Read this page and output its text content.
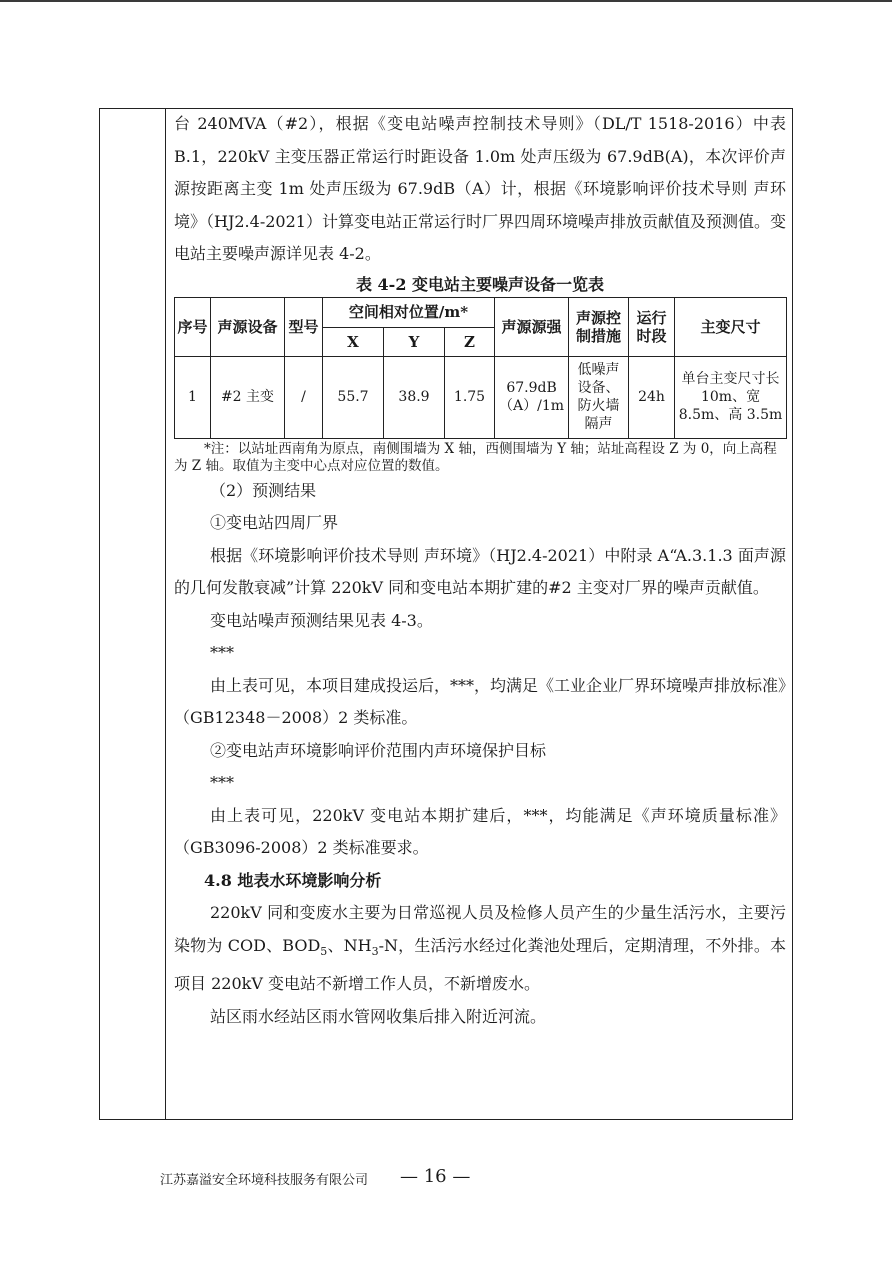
台 240MVA（#2），根据《变电站噪声控制技术导则》（DL/T 1518-2016）中表 B.1，220kV 主变压器正常运行时距设备 1.0m 处声压级为 67.9dB(A)，本次评价声源按距离主变 1m 处声压级为 67.9dB（A）计，根据《环境影响评价技术导则 声环境》（HJ2.4-2021）计算变电站正常运行时厂界四周环境噪声排放贡献值及预测值。变电站主要噪声源详见表 4-2。

表 4-2 变电站主要噪声设备一览表

序号	声源设备	型号	空间相对位置/m*			声源源强	声源控制措施	运行时段	主变尺寸
			X	Y	Z				
1	#2 主变	/	55.7	38.9	1.75	67.9dB（A）/1m	低噪声设备、防火墙隔声	24h	单台主变尺寸长 10m、宽 8.5m、高 3.5m

*注：以站址西南角为原点，南侧围墙为 X 轴，西侧围墙为 Y 轴；站址高程设 Z 为 0，向上高程为 Z 轴。取值为主变中心点对应位置的数值。

（2）预测结果

①变电站四周厂界

根据《环境影响评价技术导则 声环境》（HJ2.4-2021）中附录 A“A.3.1.3 面声源的几何发散衰减”计算 220kV 同和变电站本期扩建的#2 主变对厂界的噪声贡献值。

变电站噪声预测结果见表 4-3。

***

由上表可见，本项目建成投运后，***，均满足《工业企业厂界环境噪声排放标准》（GB12348－2008）2 类标准。

②变电站声环境影响评价范围内声环境保护目标

***

由上表可见，220kV 变电站本期扩建后，***，均能满足《声环境质量标准》（GB3096-2008）2 类标准要求。

4.8 地表水环境影响分析

220kV 同和变废水主要为日常巡视人员及检修人员产生的少量生活污水，主要污染物为 COD、$BOD_5$、$NH_3-N$，生活污水经过化粪池处理后，定期清理，不外排。本项目 220kV 变电站不新增工作人员，不新增废水。

站区雨水经站区雨水管网收集后排入附近河流。

江苏嘉溢安全环境科技服务有限公司 — 16 —
